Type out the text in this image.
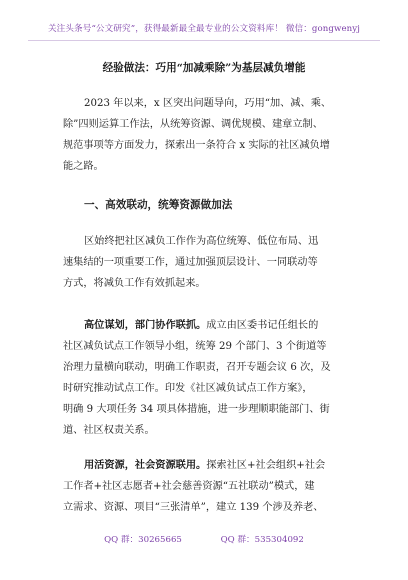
关注头条号“公文研究”，获得最新最全最专业的公文资料库！ 微信：gongwenyj
经验做法：巧用“加减乘除”为基层减负增能
2023 年以来，x 区突出问题导向，巧用“加、减、乘、
除”四则运算工作法，从统筹资源、调优规模、建章立制、
规范事项等方面发力，探索出一条符合 x 实际的社区减负增
能之路。
一、高效联动，统筹资源做加法
区始终把社区减负工作作为高位统筹、低位布局、迅
速集结的一项重要工作，通过加强顶层设计、一同联动等
方式，将减负工作有效抓起来。
高位谋划，部门协作联抓。成立由区委书记任组长的
社区减负试点工作领导小组，统筹 29 个部门、3 个街道等
治理力量横向联动，明确工作职责，召开专题会议 6 次，及
时研究推动试点工作。印发《社区减负试点工作方案》，
明确 9 大项任务 34 项具体措施，进一步理顺职能部门、街
道、社区权责关系。
用活资源，社会资源联用。探索社区+社会组织+社会
工作者+社区志愿者+社会慈善资源“五社联动”模式，建
立需求、资源、项目“三张清单”，建立 139 个涉及养老、
QQ 群：30265665	QQ 群：535304092
